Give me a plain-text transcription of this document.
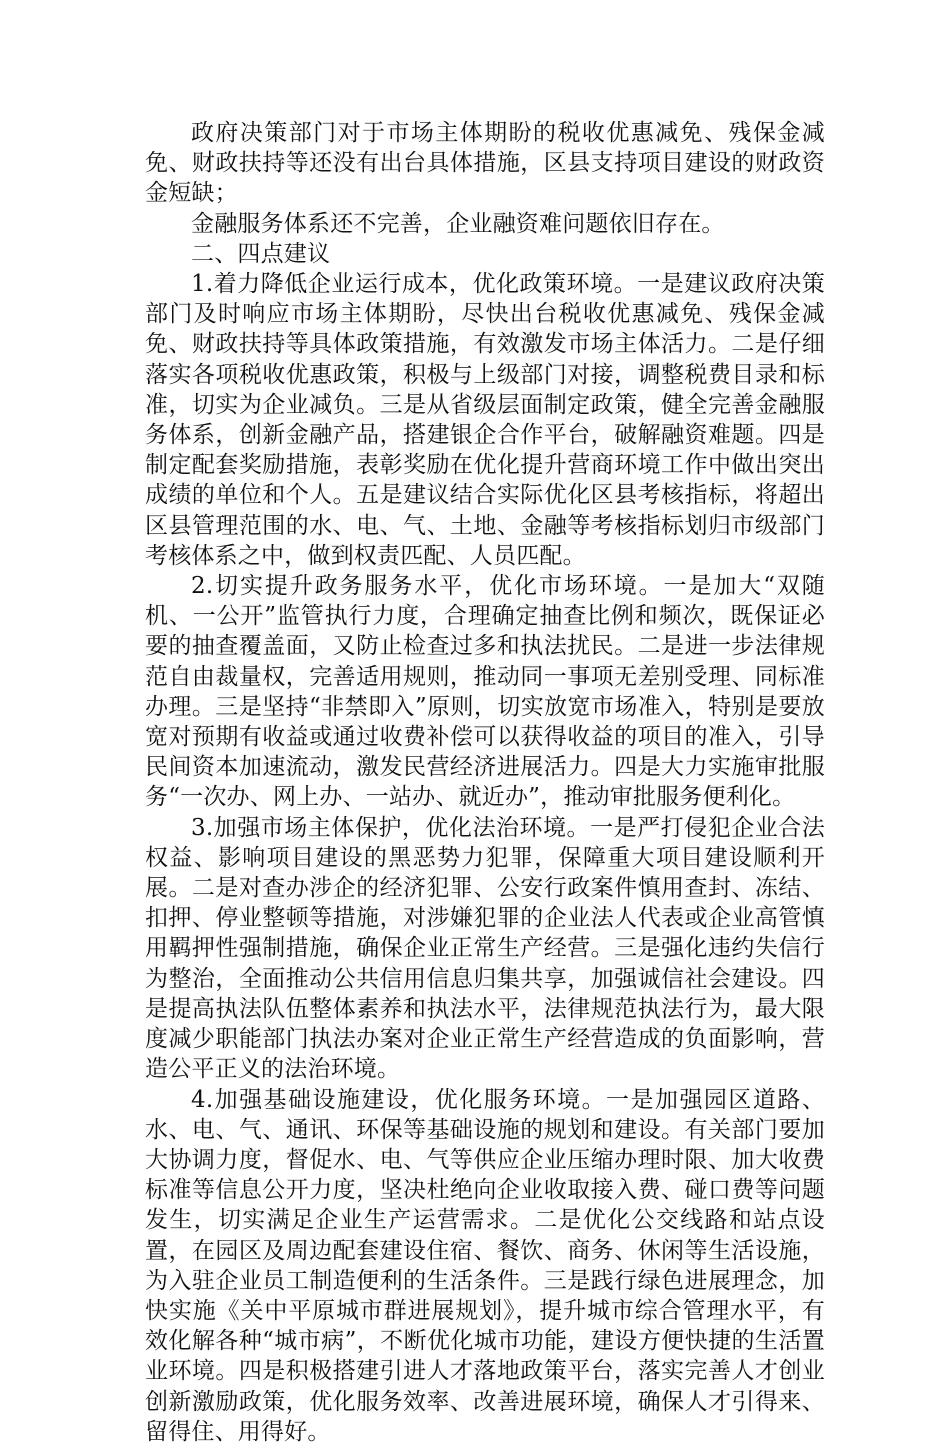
政府决策部门对于市场主体期盼的税收优惠减免、残保金减免、财政扶持等还没有出台具体措施，区县支持项目建设的财政资金短缺；

金融服务体系还不完善，企业融资难问题依旧存在。

二、四点建议

1.着力降低企业运行成本，优化政策环境。一是建议政府决策部门及时响应市场主体期盼，尽快出台税收优惠减免、残保金减免、财政扶持等具体政策措施，有效激发市场主体活力。二是仔细落实各项税收优惠政策，积极与上级部门对接，调整税费目录和标准，切实为企业减负。三是从省级层面制定政策，健全完善金融服务体系，创新金融产品，搭建银企合作平台，破解融资难题。四是制定配套奖励措施，表彰奖励在优化提升营商环境工作中做出突出成绩的单位和个人。五是建议结合实际优化区县考核指标，将超出区县管理范围的水、电、气、土地、金融等考核指标划归市级部门考核体系之中，做到权责匹配、人员匹配。

2.切实提升政务服务水平，优化市场环境。一是加大“双随机、一公开”监管执行力度，合理确定抽查比例和频次，既保证必要的抽查覆盖面，又防止检查过多和执法扰民。二是进一步法律规范自由裁量权，完善适用规则，推动同一事项无差别受理、同标准办理。三是坚持“非禁即入”原则，切实放宽市场准入，特别是要放宽对预期有收益或通过收费补偿可以获得收益的项目的准入，引导民间资本加速流动，激发民营经济进展活力。四是大力实施审批服务“一次办、网上办、一站办、就近办”，推动审批服务便利化。

3.加强市场主体保护，优化法治环境。一是严打侵犯企业合法权益、影响项目建设的黑恶势力犯罪，保障重大项目建设顺利开展。二是对查办涉企的经济犯罪、公安行政案件慎用查封、冻结、扣押、停业整顿等措施，对涉嫌犯罪的企业法人代表或企业高管慎用羁押性强制措施，确保企业正常生产经营。三是强化违约失信行为整治，全面推动公共信用信息归集共享，加强诚信社会建设。四是提高执法队伍整体素养和执法水平，法律规范执法行为，最大限度减少职能部门执法办案对企业正常生产经营造成的负面影响，营造公平正义的法治环境。

4.加强基础设施建设，优化服务环境。一是加强园区道路、水、电、气、通讯、环保等基础设施的规划和建设。有关部门要加大协调力度，督促水、电、气等供应企业压缩办理时限、加大收费标准等信息公开力度，坚决杜绝向企业收取接入费、碰口费等问题发生，切实满足企业生产运营需求。二是优化公交线路和站点设置，在园区及周边配套建设住宿、餐饮、商务、休闲等生活设施，为入驻企业员工制造便利的生活条件。三是践行绿色进展理念，加快实施《关中平原城市群进展规划》，提升城市综合管理水平，有效化解各种“城市病”，不断优化城市功能，建设方便快捷的生活置业环境。四是积极搭建引进人才落地政策平台，落实完善人才创业创新激励政策，优化服务效率、改善进展环境，确保人才引得来、留得住、用得好。
